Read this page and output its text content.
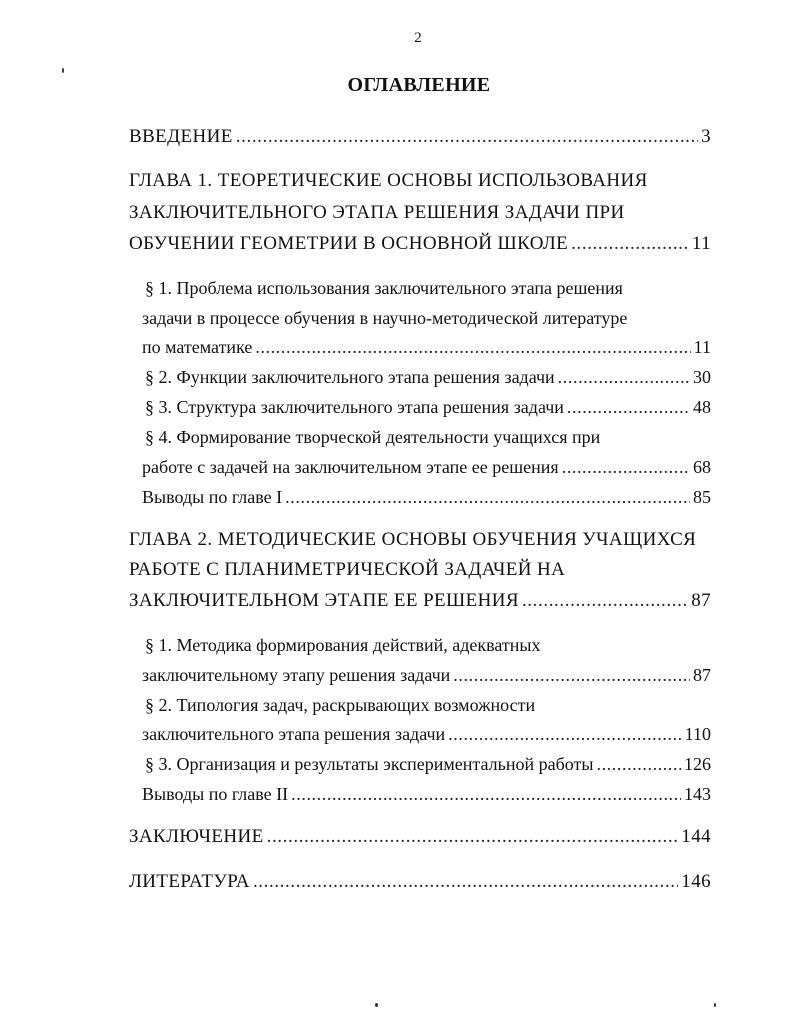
2
ОГЛАВЛЕНИЕ
ВВЕДЕНИЕ .....	3
ГЛАВА 1. ТЕОРЕТИЧЕСКИЕ ОСНОВЫ ИСПОЛЬЗОВАНИЯ
ЗАКЛЮЧИТЕЛЬНОГО ЭТАПА РЕШЕНИЯ ЗАДАЧИ ПРИ
ОБУЧЕНИИ ГЕОМЕТРИИ В ОСНОВНОЙ ШКОЛЕ .....	11
§ 1. Проблема использования заключительного этапа решения
задачи в процессе обучения в научно-методической литературе
по математике .....	11
§ 2. Функции заключительного этапа решения задачи .....	30
§ 3. Структура заключительного этапа решения задачи .....	48
§ 4. Формирование творческой деятельности учащихся при
работе с задачей на заключительном этапе ее решения .....	68
Выводы по главе I .....	85
ГЛАВА 2. МЕТОДИЧЕСКИЕ ОСНОВЫ ОБУЧЕНИЯ УЧАЩИХСЯ
РАБОТЕ С ПЛАНИМЕТРИЧЕСКОЙ ЗАДАЧЕЙ НА
ЗАКЛЮЧИТЕЛЬНОМ ЭТАПЕ ЕЕ РЕШЕНИЯ .....	87
§ 1. Методика формирования действий, адекватных
заключительному этапу решения задачи .....	87
§ 2. Типология задач, раскрывающих возможности
заключительного этапа решения задачи .....	110
§ 3. Организация и результаты экспериментальной работы .....	126
Выводы по главе II .....	143
ЗАКЛЮЧЕНИЕ .....	144
ЛИТЕРАТУРА .....	146
